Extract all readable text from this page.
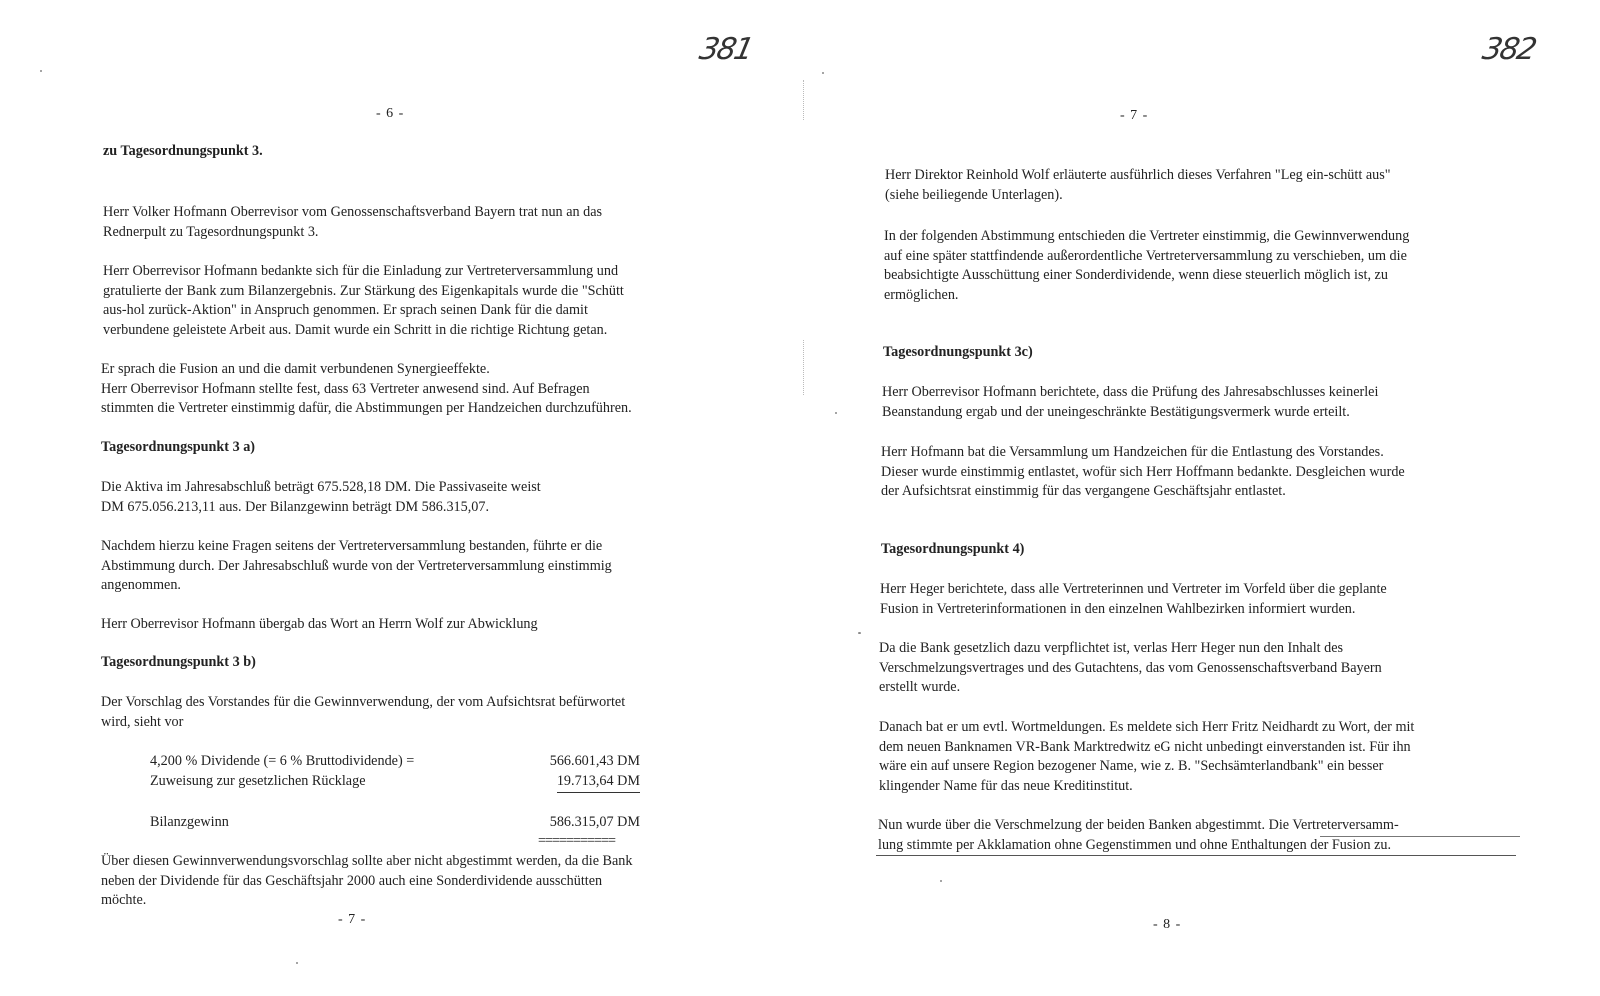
381
- 6 -

zu Tagesordnungspunkt 3.

Herr Volker Hofmann Oberrevisor vom Genossenschaftsverband Bayern trat nun an das
Rednerpult zu Tagesordnungspunkt 3.

Herr Oberrevisor Hofmann bedankte sich für die Einladung zur Vertreterversammlung und
gratulierte der Bank zum Bilanzergebnis. Zur Stärkung des Eigenkapitals wurde die "Schütt
aus-hol zurück-Aktion" in Anspruch genommen. Er sprach seinen Dank für die damit
verbundene geleistete Arbeit aus. Damit wurde ein Schritt in die richtige Richtung getan.

Er sprach die Fusion an und die damit verbundenen Synergieeffekte.
Herr Oberrevisor Hofmann stellte fest, dass 63 Vertreter anwesend sind. Auf Befragen
stimmten die Vertreter einstimmig dafür, die Abstimmungen per Handzeichen durchzuführen.

Tagesordnungspunkt 3 a)

Die Aktiva im Jahresabschluß beträgt 675.528,18 DM. Die Passivaseite weist
DM 675.056.213,11 aus. Der Bilanzgewinn beträgt DM 586.315,07.

Nachdem hierzu keine Fragen seitens der Vertreterversammlung bestanden, führte er die
Abstimmung durch. Der Jahresabschluß wurde von der Vertreterversammlung einstimmig
angenommen.

Herr Oberrevisor Hofmann übergab das Wort an Herrn Wolf zur Abwicklung

Tagesordnungspunkt 3 b)

Der Vorschlag des Vorstandes für die Gewinnverwendung, der vom Aufsichtsrat befürwortet
wird, sieht vor

4,200 % Dividende (= 6 % Bruttodividende) =	566.601,43 DM
Zuweisung zur gesetzlichen Rücklage	19.713,64 DM
Bilanzgewinn	586.315,07 DM
===========

Über diesen Gewinnverwendungsvorschlag sollte aber nicht abgestimmt werden, da die Bank
neben der Dividende für das Geschäftsjahr 2000 auch eine Sonderdividende ausschütten
möchte.

- 7 -
382
- 7 -

Herr Direktor Reinhold Wolf erläuterte ausführlich dieses Verfahren "Leg ein-schütt aus"
(siehe beiliegende Unterlagen).

In der folgenden Abstimmung entschieden die Vertreter einstimmig, die Gewinnverwendung
auf eine später stattfindende außerordentliche Vertreterversammlung zu verschieben, um die
beabsichtigte Ausschüttung einer Sonderdividende, wenn diese steuerlich möglich ist, zu
ermöglichen.

Tagesordnungspunkt 3c)

Herr Oberrevisor Hofmann berichtete, dass die Prüfung des Jahresabschlusses keinerlei
Beanstandung ergab und der uneingeschränkte Bestätigungsvermerk wurde erteilt.

Herr Hofmann bat die Versammlung um Handzeichen für die Entlastung des Vorstandes.
Dieser wurde einstimmig entlastet, wofür sich Herr Hoffmann bedankte. Desgleichen wurde
der Aufsichtsrat einstimmig für das vergangene Geschäftsjahr entlastet.

Tagesordnungspunkt 4)

Herr Heger berichtete, dass alle Vertreterinnen und Vertreter im Vorfeld über die geplante
Fusion in Vertreterinformationen in den einzelnen Wahlbezirken informiert wurden.

Da die Bank gesetzlich dazu verpflichtet ist, verlas Herr Heger nun den Inhalt des
Verschmelzungsvertrages und des Gutachtens, das vom Genossenschaftsverband Bayern
erstellt wurde.

Danach bat er um evtl. Wortmeldungen. Es meldete sich Herr Fritz Neidhardt zu Wort, der mit
dem neuen Banknamen VR-Bank Marktredwitz eG nicht unbedingt einverstanden ist. Für ihn
wäre ein auf unsere Region bezogener Name, wie z. B. "Sechsämterlandbank" ein besser
klingender Name für das neue Kreditinstitut.

Nun wurde über die Verschmelzung der beiden Banken abgestimmt. Die Vertreterversamm-
lung stimmte per Akklamation ohne Gegenstimmen und ohne Enthaltungen der Fusion zu.

- 8 -
